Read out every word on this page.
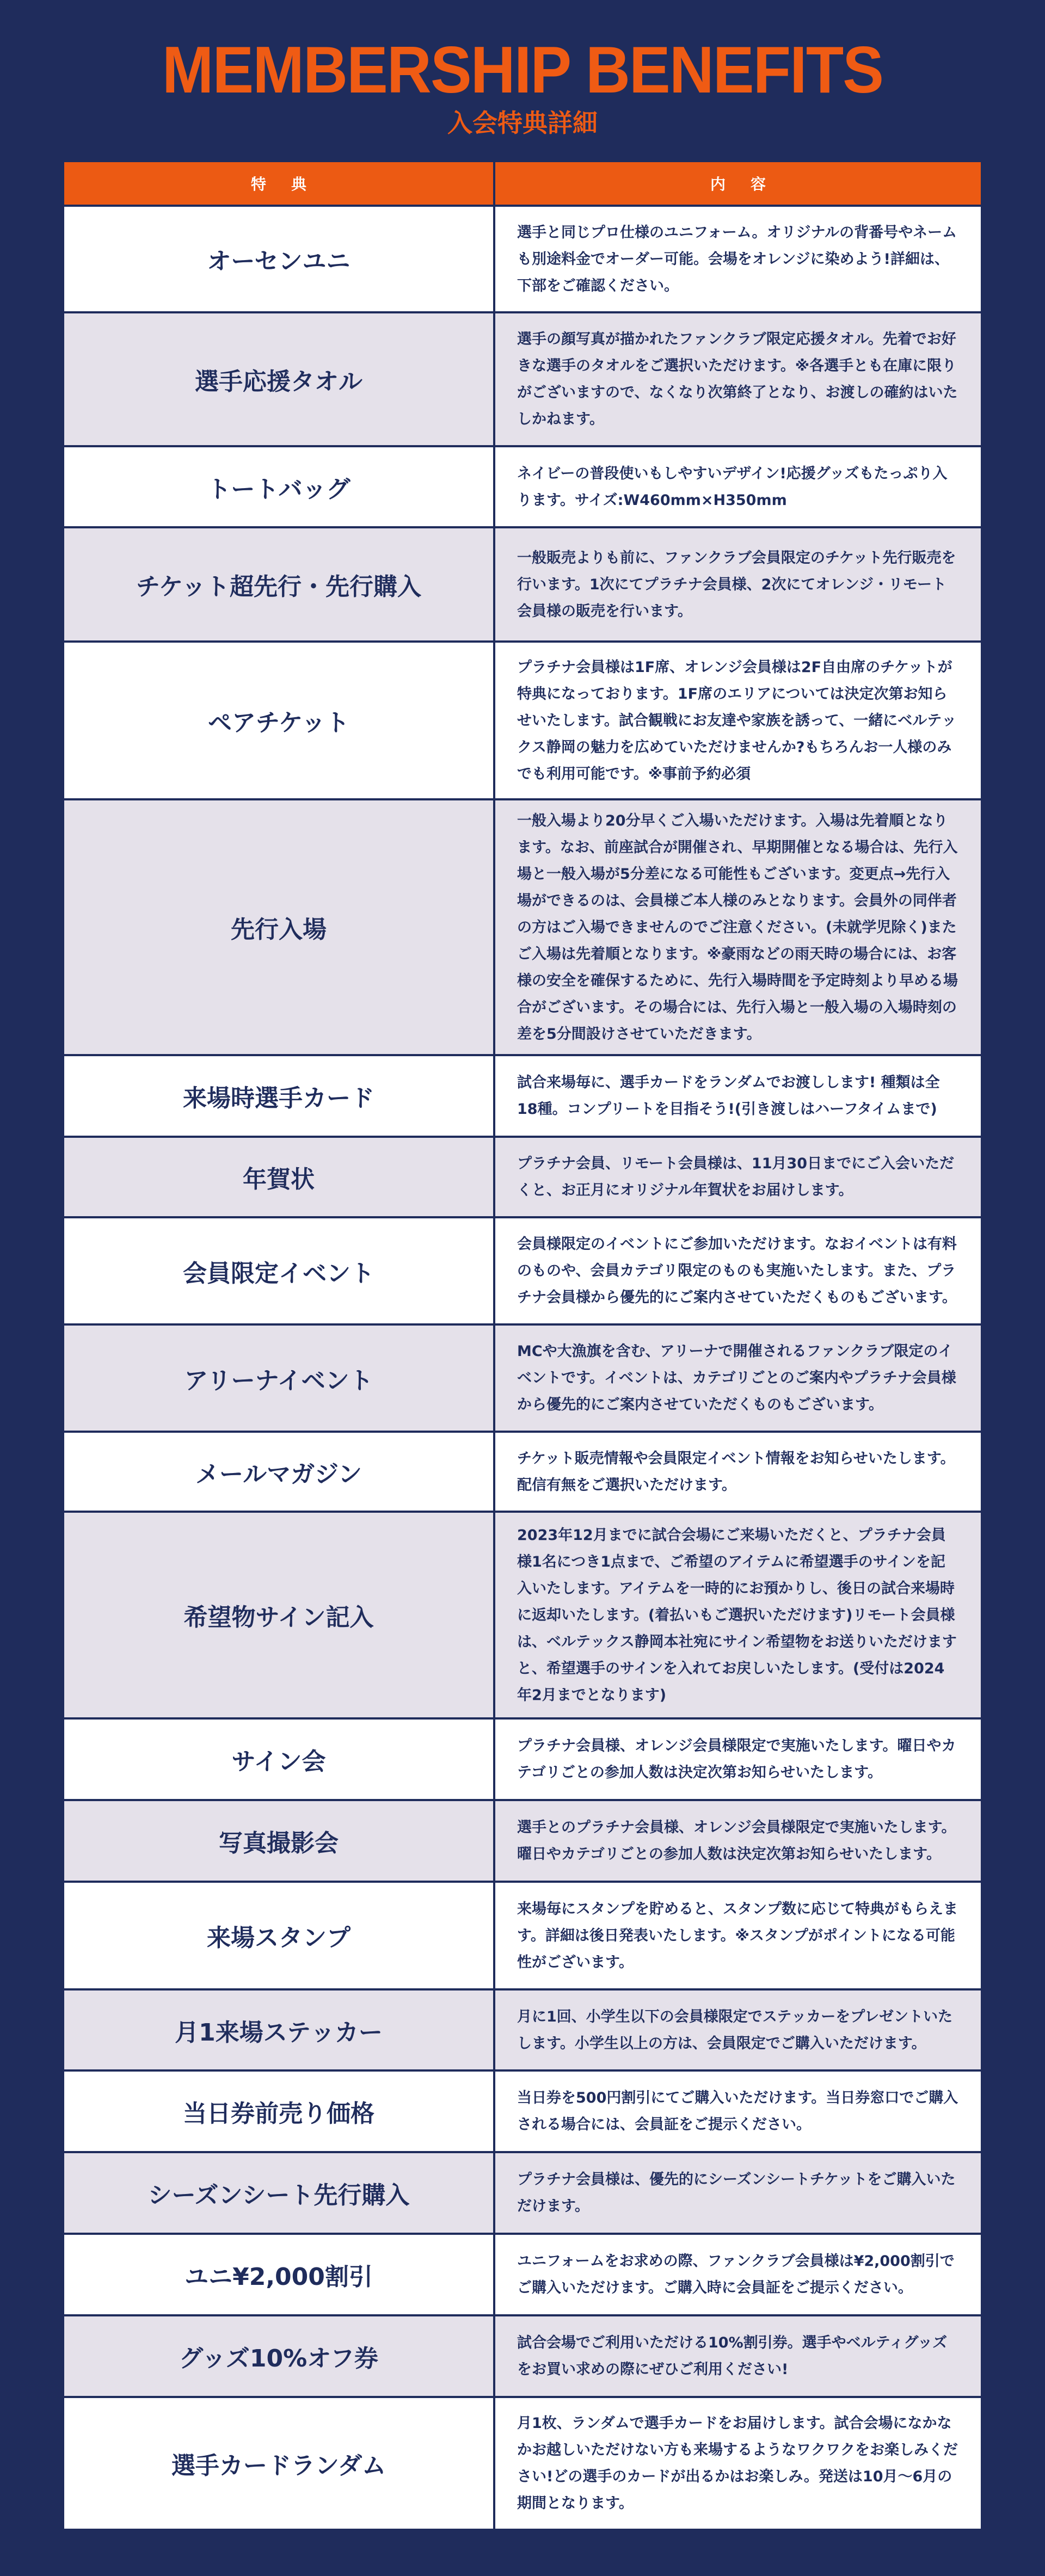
MEMBERSHIP BENEFITS
入会特典詳細
特典	内容
オーセンユニ
選手と同じプロ仕様のユニフォーム。オリジナルの背番号やネームも別途料金でオーダー可能。会場をオレンジに染めよう!詳細は、下部をご確認ください。
選手応援タオル
選手の顔写真が描かれたファンクラブ限定応援タオル。先着でお好きな選手のタオルをご選択いただけます。※各選手とも在庫に限りがございますので、なくなり次第終了となり、お渡しの確約はいたしかねます。
トートバッグ
ネイビーの普段使いもしやすいデザイン!応援グッズもたっぷり入ります。サイズ:W460mm×H350mm
チケット超先行・先行購入
一般販売よりも前に、ファンクラブ会員限定のチケット先行販売を行います。1次にてプラチナ会員様、2次にてオレンジ・リモート会員様の販売を行います。
ペアチケット
プラチナ会員様は1F席、オレンジ会員様は2F自由席のチケットが特典になっております。1F席のエリアについては決定次第お知らせいたします。試合観戦にお友達や家族を誘って、一緒にベルテックス静岡の魅力を広めていただけませんか?もちろんお一人様のみでも利用可能です。※事前予約必須
先行入場
一般入場より20分早くご入場いただけます。入場は先着順となります。なお、前座試合が開催され、早期開催となる場合は、先行入場と一般入場が5分差になる可能性もございます。変更点→先行入場ができるのは、会員様ご本人様のみとなります。会員外の同伴者の方はご入場できませんのでご注意ください。(未就学児除く)またご入場は先着順となります。※豪雨などの雨天時の場合には、お客様の安全を確保するために、先行入場時間を予定時刻より早める場合がございます。その場合には、先行入場と一般入場の入場時刻の差を5分間設けさせていただきます。
来場時選手カード
試合来場毎に、選手カードをランダムでお渡しします! 種類は全18種。コンプリートを目指そう!(引き渡しはハーフタイムまで)
年賀状
プラチナ会員、リモート会員様は、11月30日までにご入会いただくと、お正月にオリジナル年賀状をお届けします。
会員限定イベント
会員様限定のイベントにご参加いただけます。なおイベントは有料のものや、会員カテゴリ限定のものも実施いたします。また、プラチナ会員様から優先的にご案内させていただくものもございます。
アリーナイベント
MCや大漁旗を含む、アリーナで開催されるファンクラブ限定のイベントです。イベントは、カテゴリごとのご案内やプラチナ会員様から優先的にご案内させていただくものもございます。
メールマガジン
チケット販売情報や会員限定イベント情報をお知らせいたします。配信有無をご選択いただけます。
希望物サイン記入
2023年12月までに試合会場にご来場いただくと、プラチナ会員様1名につき1点まで、ご希望のアイテムに希望選手のサインを記入いたします。アイテムを一時的にお預かりし、後日の試合来場時に返却いたします。(着払いもご選択いただけます)リモート会員様は、ベルテックス静岡本社宛にサイン希望物をお送りいただけますと、希望選手のサインを入れてお戻しいたします。(受付は2024年2月までとなります)
サイン会
プラチナ会員様、オレンジ会員様限定で実施いたします。曜日やカテゴリごとの参加人数は決定次第お知らせいたします。
写真撮影会
選手とのプラチナ会員様、オレンジ会員様限定で実施いたします。曜日やカテゴリごとの参加人数は決定次第お知らせいたします。
来場スタンプ
来場毎にスタンプを貯めると、スタンプ数に応じて特典がもらえます。詳細は後日発表いたします。※スタンプがポイントになる可能性がございます。
月1来場ステッカー
月に1回、小学生以下の会員様限定でステッカーをプレゼントいたします。小学生以上の方は、会員限定でご購入いただけます。
当日券前売り価格
当日券を500円割引にてご購入いただけます。当日券窓口でご購入される場合には、会員証をご提示ください。
シーズンシート先行購入
プラチナ会員様は、優先的にシーズンシートチケットをご購入いただけます。
ユニ¥2,000割引
ユニフォームをお求めの際、ファンクラブ会員様は¥2,000割引でご購入いただけます。ご購入時に会員証をご提示ください。
グッズ10%オフ券
試合会場でご利用いただける10%割引券。選手やベルティグッズをお買い求めの際にぜひご利用ください!
選手カードランダム
月1枚、ランダムで選手カードをお届けします。試合会場になかなかお越しいただけない方も来場するようなワクワクをお楽しみください!どの選手のカードが出るかはお楽しみ。発送は10月〜6月の期間となります。
